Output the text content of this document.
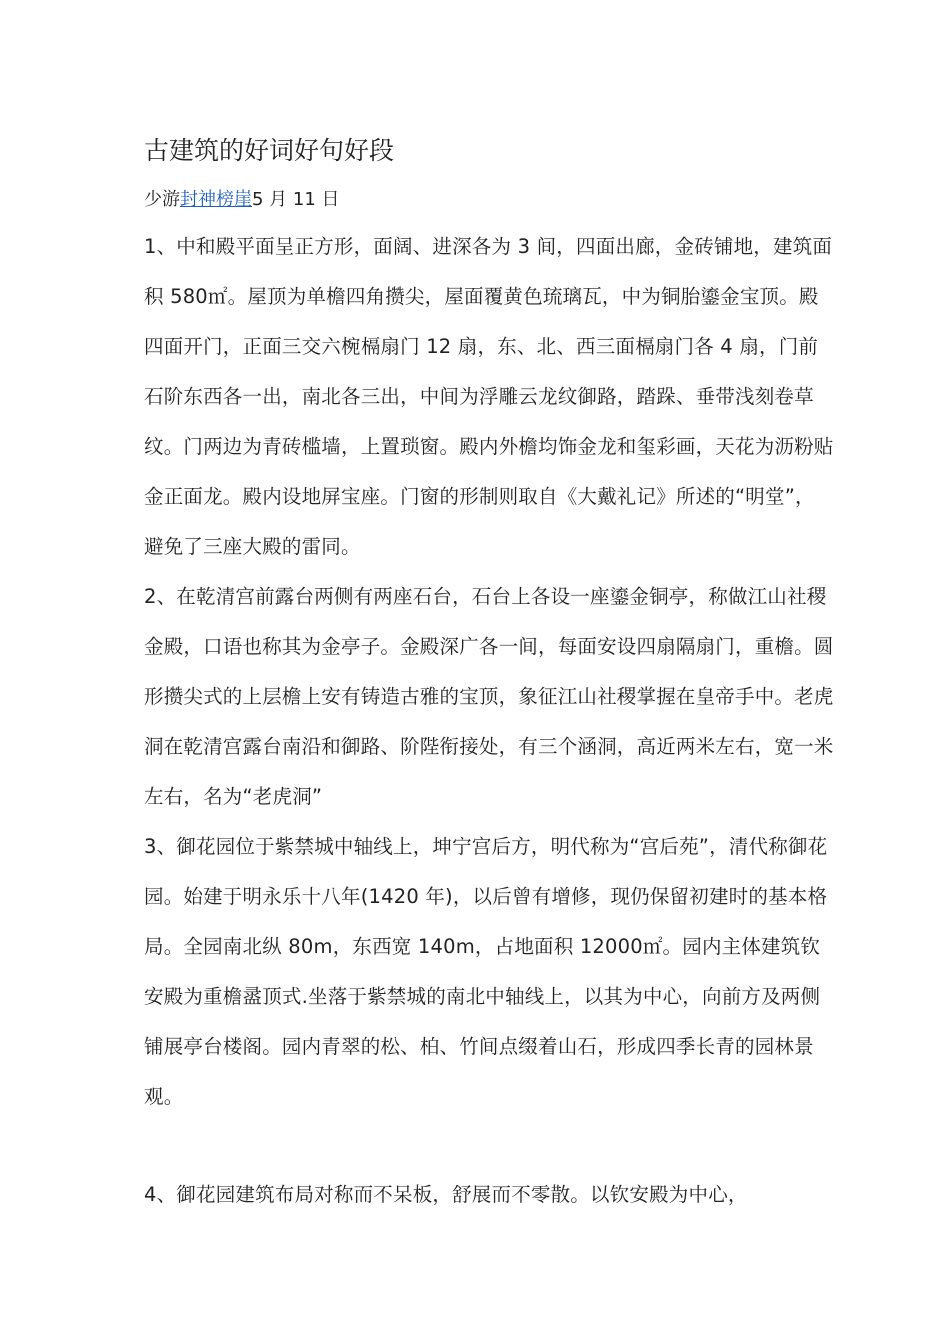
古建筑的好词好句好段
少游封神榜崖5 月 11 日

1、中和殿平面呈正方形，面阔、进深各为 3 间，四面出廊，金砖铺地，建筑面积 580㎡。屋顶为单檐四角攒尖，屋面覆黄色琉璃瓦，中为铜胎鎏金宝顶。殿四面开门，正面三交六椀槅扇门 12 扇，东、北、西三面槅扇门各 4 扇，门前石阶东西各一出，南北各三出，中间为浮雕云龙纹御路，踏跺、垂带浅刻卷草纹。门两边为青砖槛墙，上置琐窗。殿内外檐均饰金龙和玺彩画，天花为沥粉贴金正面龙。殿内设地屏宝座。门窗的形制则取自《大戴礼记》所述的“明堂”，避免了三座大殿的雷同。

2、在乾清宫前露台两侧有两座石台，石台上各设一座鎏金铜亭，称做江山社稷金殿，口语也称其为金亭子。金殿深广各一间，每面安设四扇隔扇门，重檐。圆形攒尖式的上层檐上安有铸造古雅的宝顶，象征江山社稷掌握在皇帝手中。老虎洞在乾清宫露台南沿和御路、阶陛衔接处，有三个涵洞，高近两米左右，宽一米左右，名为“老虎洞”

3、御花园位于紫禁城中轴线上，坤宁宫后方，明代称为“宫后苑”，清代称御花园。始建于明永乐十八年(1420 年)，以后曾有增修，现仍保留初建时的基本格局。全园南北纵 80m，东西宽 140m，占地面积 12000㎡。园内主体建筑钦安殿为重檐盝顶式.坐落于紫禁城的南北中轴线上，以其为中心，向前方及两侧铺展亭台楼阁。园内青翠的松、柏、竹间点缀着山石，形成四季长青的园林景观。

4、御花园建筑布局对称而不呆板，舒展而不零散。以钦安殿为中心，
